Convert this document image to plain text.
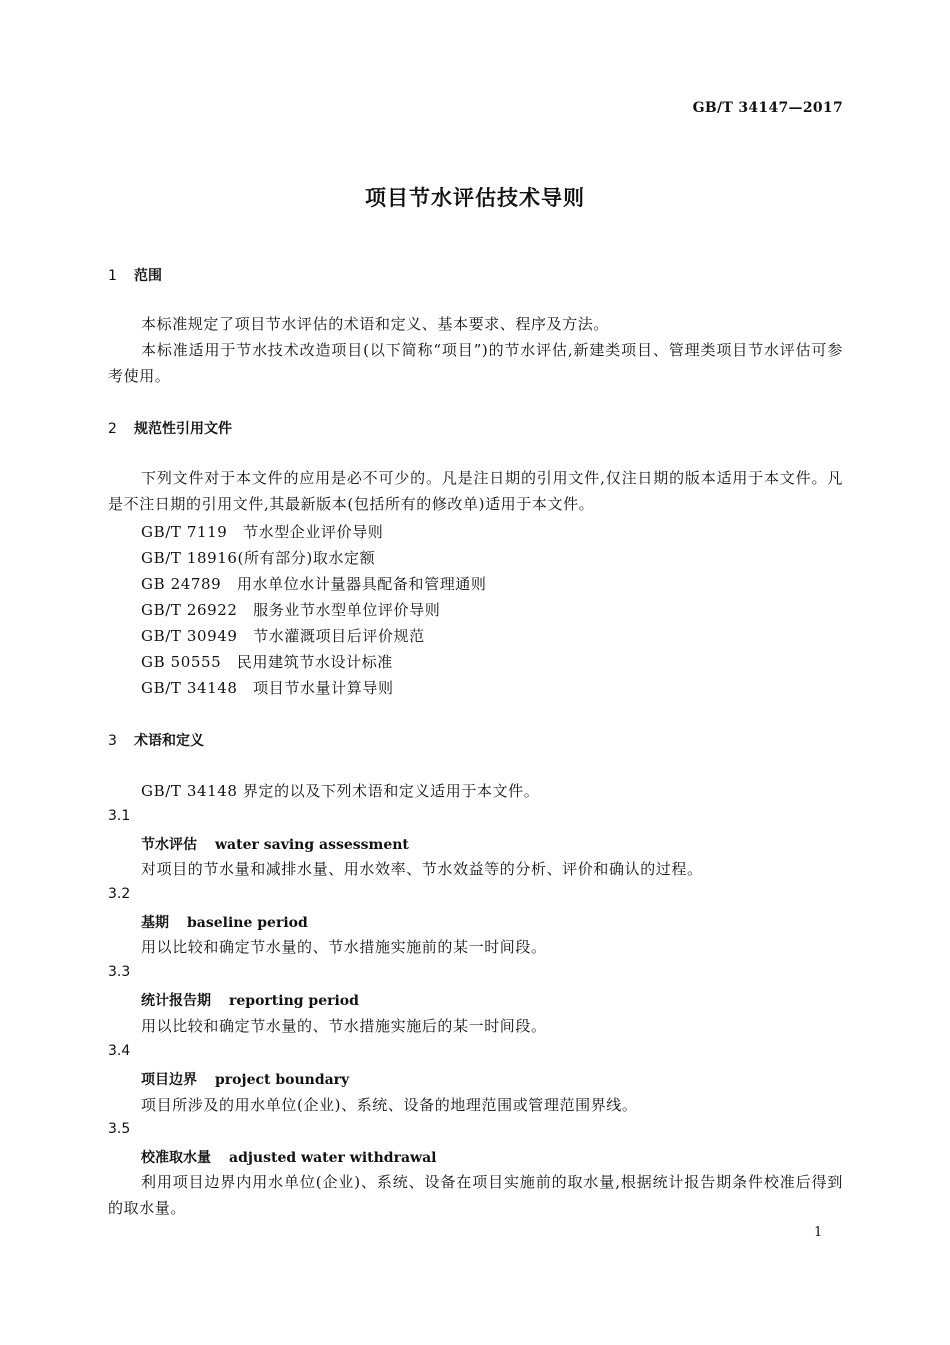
GB/T 34147—2017
项目节水评估技术导则
1 范围
本标准规定了项目节水评估的术语和定义、基本要求、程序及方法。
本标准适用于节水技术改造项目(以下简称“项目”)的节水评估,新建类项目、管理类项目节水评估可参考使用。
2 规范性引用文件
下列文件对于本文件的应用是必不可少的。凡是注日期的引用文件,仅注日期的版本适用于本文件。凡是不注日期的引用文件,其最新版本(包括所有的修改单)适用于本文件。
GB/T 7119　节水型企业评价导则
GB/T 18916(所有部分)取水定额
GB 24789　用水单位水计量器具配备和管理通则
GB/T 26922　服务业节水型单位评价导则
GB/T 30949　节水灌溉项目后评价规范
GB 50555　民用建筑节水设计标准
GB/T 34148　项目节水量计算导则
3 术语和定义
GB/T 34148 界定的以及下列术语和定义适用于本文件。
3.1
节水评估 water saving assessment
对项目的节水量和减排水量、用水效率、节水效益等的分析、评价和确认的过程。
3.2
基期 baseline period
用以比较和确定节水量的、节水措施实施前的某一时间段。
3.3
统计报告期 reporting period
用以比较和确定节水量的、节水措施实施后的某一时间段。
3.4
项目边界 project boundary
项目所涉及的用水单位(企业)、系统、设备的地理范围或管理范围界线。
3.5
校准取水量 adjusted water withdrawal
利用项目边界内用水单位(企业)、系统、设备在项目实施前的取水量,根据统计报告期条件校准后得到的取水量。
1
